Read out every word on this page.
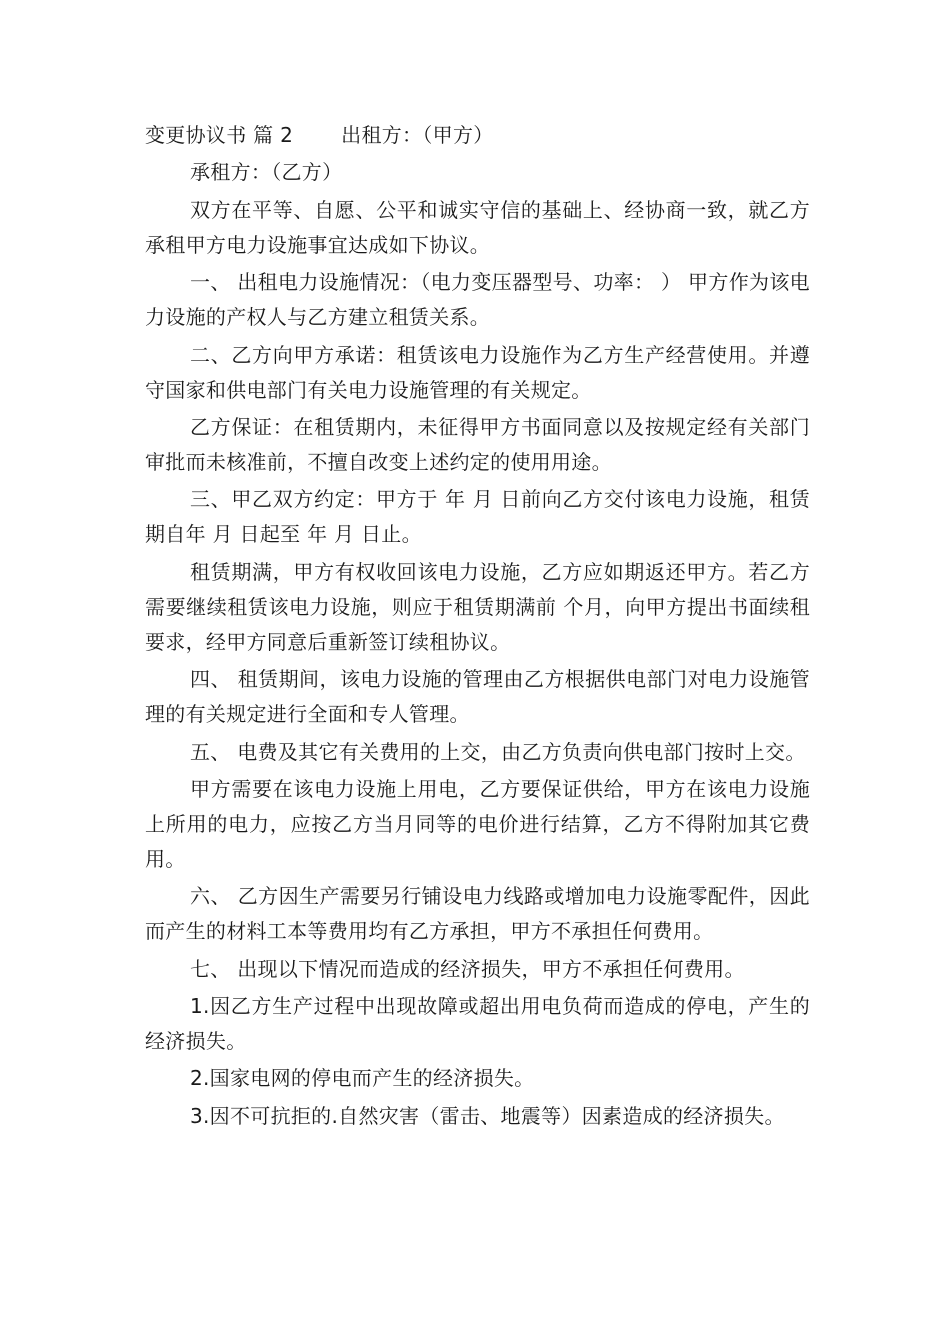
变更协议书 篇 2 出租方：（甲方）

承租方：（乙方）

双方在平等、自愿、公平和诚实守信的基础上、经协商一致，就乙方承租甲方电力设施事宜达成如下协议。

一、 出租电力设施情况：（电力变压器型号、功率： ） 甲方作为该电力设施的产权人与乙方建立租赁关系。

二、乙方向甲方承诺：租赁该电力设施作为乙方生产经营使用。并遵守国家和供电部门有关电力设施管理的有关规定。

乙方保证：在租赁期内，未征得甲方书面同意以及按规定经有关部门审批而未核准前，不擅自改变上述约定的使用用途。

三、甲乙双方约定：甲方于 年 月 日前向乙方交付该电力设施，租赁期自年 月 日起至 年 月 日止。

租赁期满，甲方有权收回该电力设施，乙方应如期返还甲方。若乙方需要继续租赁该电力设施，则应于租赁期满前 个月，向甲方提出书面续租要求，经甲方同意后重新签订续租协议。

四、 租赁期间，该电力设施的管理由乙方根据供电部门对电力设施管理的有关规定进行全面和专人管理。

五、 电费及其它有关费用的上交，由乙方负责向供电部门按时上交。

甲方需要在该电力设施上用电，乙方要保证供给，甲方在该电力设施上所用的电力，应按乙方当月同等的电价进行结算，乙方不得附加其它费用。

六、 乙方因生产需要另行铺设电力线路或增加电力设施零配件，因此而产生的材料工本等费用均有乙方承担，甲方不承担任何费用。

七、 出现以下情况而造成的经济损失，甲方不承担任何费用。

1.因乙方生产过程中出现故障或超出用电负荷而造成的停电，产生的经济损失。

2.国家电网的停电而产生的经济损失。

3.因不可抗拒的.自然灾害（雷击、地震等）因素造成的经济损失。
